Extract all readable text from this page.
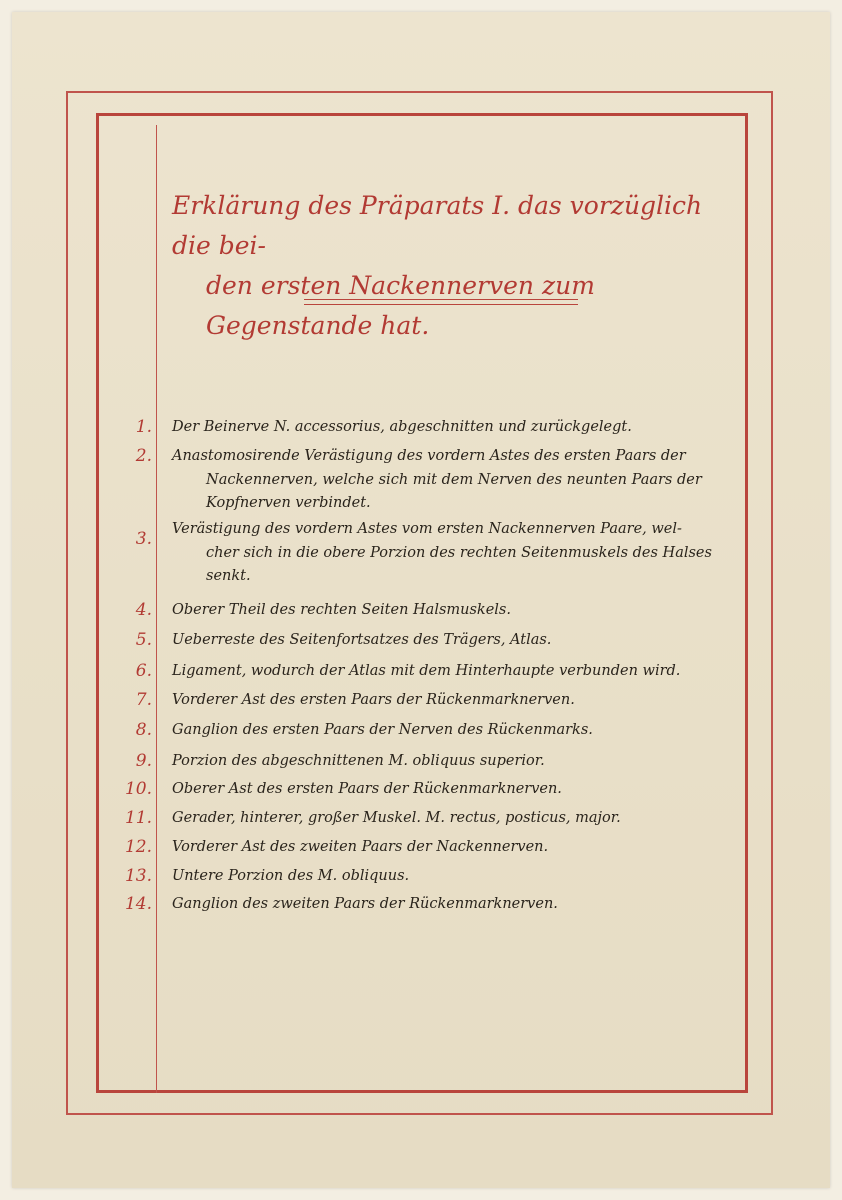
Erklärung des Präparats I. das vorzüglich die bei-
den ersten Nackennerven zum Gegenstande hat.
1. Der Beinerve N. accessorius, abgeschnitten und zurückgelegt.
2. Anastomosirende Verästigung des vordern Astes des ersten Paars der
Nackennerven, welche sich mit dem Nerven des neunten Paars der
Kopfnerven verbindet.
3. Verästigung des vordern Astes vom ersten Nackennerven Paare, wel-
cher sich in die obere Porzion des rechten Seitenmuskels des Halses
senkt.
4. Oberer Theil des rechten Seiten Halsmuskels.
5. Ueberreste des Seitenfortsatzes des Trägers, Atlas.
6. Ligament, wodurch der Atlas mit dem Hinterhaupte verbunden wird.
7. Vorderer Ast des ersten Paars der Rückenmarknerven.
8. Ganglion des ersten Paars der Nerven des Rückenmarks.
9. Porzion des abgeschnittenen M. obliquus superior.
10. Oberer Ast des ersten Paars der Rückenmarknerven.
11. Gerader, hinterer, großer Muskel. M. rectus, posticus, major.
12. Vorderer Ast des zweiten Paars der Nackennerven.
13. Untere Porzion des M. obliquus.
14. Ganglion des zweiten Paars der Rückenmarknerven.
